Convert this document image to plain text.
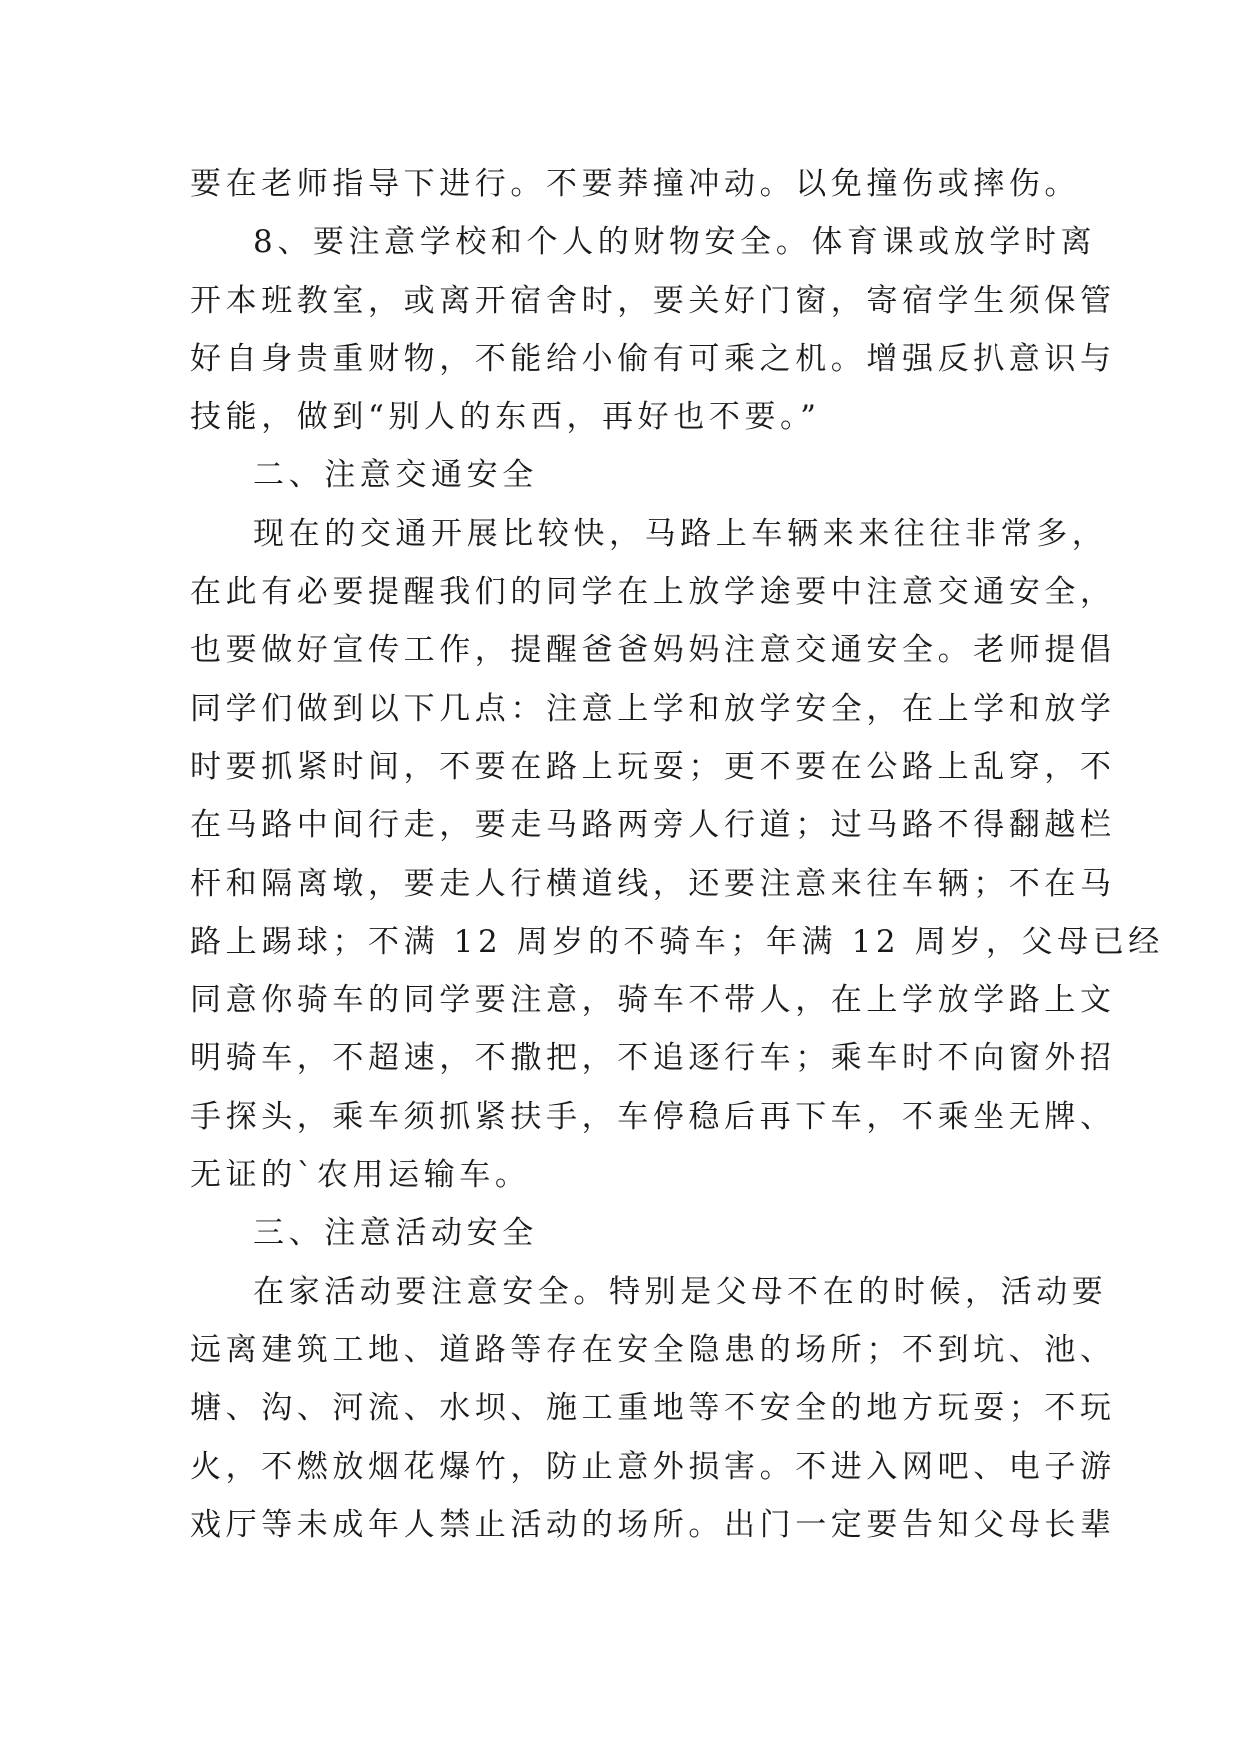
要在老师指导下进行。不要莽撞冲动。以免撞伤或摔伤。
8、要注意学校和个人的财物安全。体育课或放学时离
开本班教室，或离开宿舍时，要关好门窗，寄宿学生须保管
好自身贵重财物，不能给小偷有可乘之机。增强反扒意识与
技能，做到“别人的东西，再好也不要。”
二、注意交通安全
现在的交通开展比较快，马路上车辆来来往往非常多，
在此有必要提醒我们的同学在上放学途要中注意交通安全，
也要做好宣传工作，提醒爸爸妈妈注意交通安全。老师提倡
同学们做到以下几点：注意上学和放学安全，在上学和放学
时要抓紧时间，不要在路上玩耍；更不要在公路上乱穿，不
在马路中间行走，要走马路两旁人行道；过马路不得翻越栏
杆和隔离墩，要走人行横道线，还要注意来往车辆；不在马
路上踢球；不满 12 周岁的不骑车；年满 12 周岁，父母已经
同意你骑车的同学要注意，骑车不带人，在上学放学路上文
明骑车，不超速，不撒把，不追逐行车；乘车时不向窗外招
手探头，乘车须抓紧扶手，车停稳后再下车，不乘坐无牌、
无证的`农用运输车。
三、注意活动安全
在家活动要注意安全。特别是父母不在的时候，活动要
远离建筑工地、道路等存在安全隐患的场所；不到坑、池、
塘、沟、河流、水坝、施工重地等不安全的地方玩耍；不玩
火，不燃放烟花爆竹，防止意外损害。不进入网吧、电子游
戏厅等未成年人禁止活动的场所。出门一定要告知父母长辈
